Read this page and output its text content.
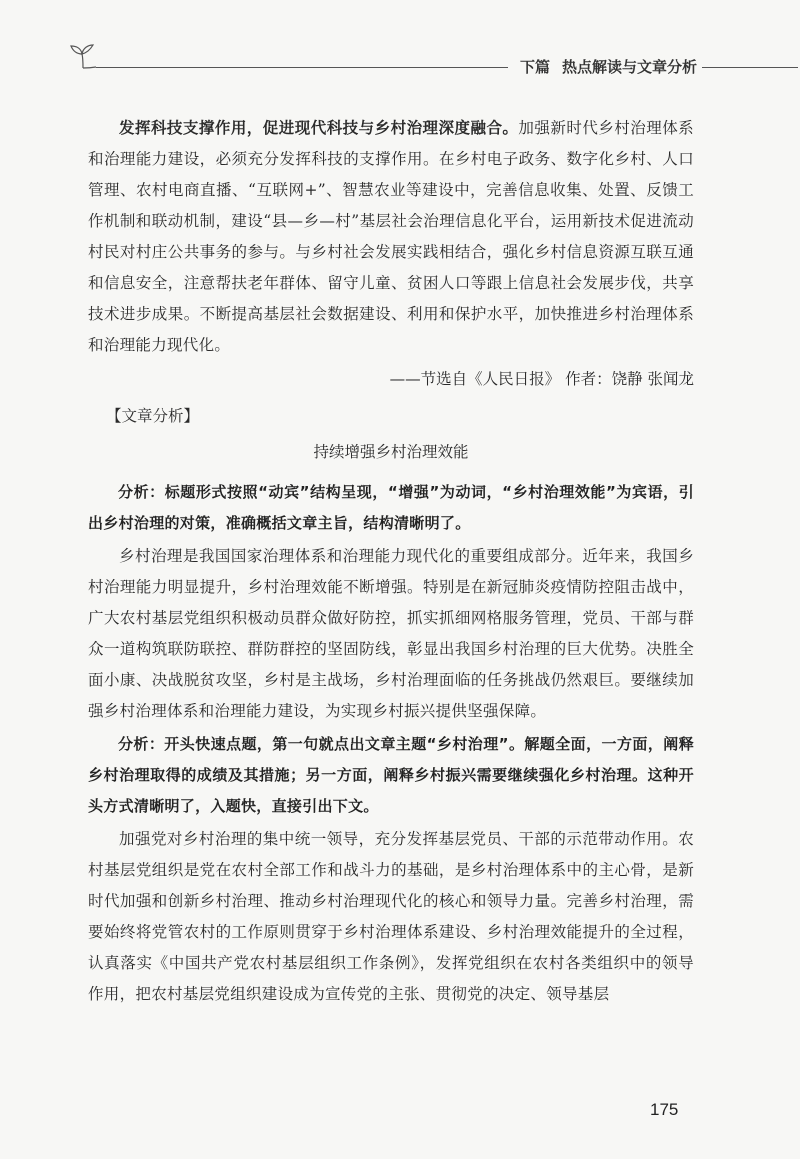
下篇 热点解读与文章分析

发挥科技支撑作用，促进现代科技与乡村治理深度融合。加强新时代乡村治理体系和治理能力建设，必须充分发挥科技的支撑作用。在乡村电子政务、数字化乡村、人口管理、农村电商直播、“互联网+”、智慧农业等建设中，完善信息收集、处置、反馈工作机制和联动机制，建设“县—乡—村”基层社会治理信息化平台，运用新技术促进流动村民对村庄公共事务的参与。与乡村社会发展实践相结合，强化乡村信息资源互联互通和信息安全，注意帮扶老年群体、留守儿童、贫困人口等跟上信息社会发展步伐，共享技术进步成果。不断提高基层社会数据建设、利用和保护水平，加快推进乡村治理体系和治理能力现代化。

——节选自《人民日报》 作者：饶静 张闻龙

【文章分析】
持续增强乡村治理效能

分析：标题形式按照“动宾”结构呈现，“增强”为动词，“乡村治理效能”为宾语，引出乡村治理的对策，准确概括文章主旨，结构清晰明了。

乡村治理是我国国家治理体系和治理能力现代化的重要组成部分。近年来，我国乡村治理能力明显提升，乡村治理效能不断增强。特别是在新冠肺炎疫情防控阻击战中，广大农村基层党组织积极动员群众做好防控，抓实抓细网格服务管理，党员、干部与群众一道构筑联防联控、群防群控的坚固防线，彰显出我国乡村治理的巨大优势。决胜全面小康、决战脱贫攻坚，乡村是主战场，乡村治理面临的任务挑战仍然艰巨。要继续加强乡村治理体系和治理能力建设，为实现乡村振兴提供坚强保障。

分析：开头快速点题，第一句就点出文章主题“乡村治理”。解题全面，一方面，阐释乡村治理取得的成绩及其措施；另一方面，阐释乡村振兴需要继续强化乡村治理。这种开头方式清晰明了，入题快，直接引出下文。

加强党对乡村治理的集中统一领导，充分发挥基层党员、干部的示范带动作用。农村基层党组织是党在农村全部工作和战斗力的基础，是乡村治理体系中的主心骨，是新时代加强和创新乡村治理、推动乡村治理现代化的核心和领导力量。完善乡村治理，需要始终将党管农村的工作原则贯穿于乡村治理体系建设、乡村治理效能提升的全过程，认真落实《中国共产党农村基层组织工作条例》，发挥党组织在农村各类组织中的领导作用，把农村基层党组织建设成为宣传党的主张、贯彻党的决定、领导基层

175
